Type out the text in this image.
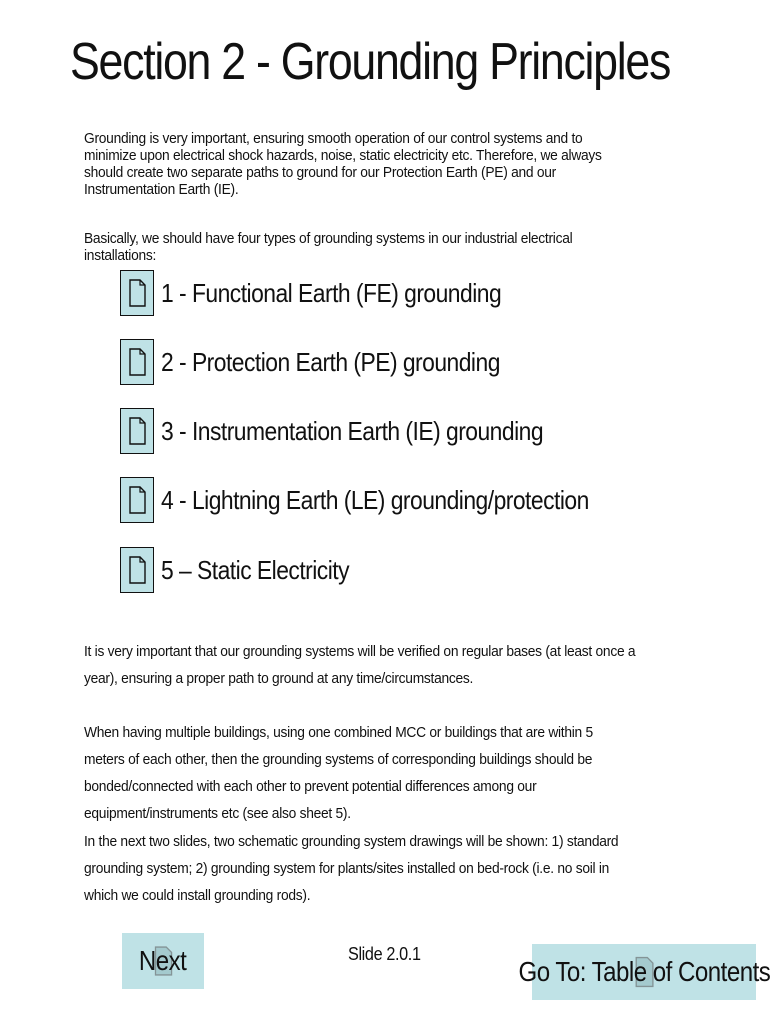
Section 2 - Grounding Principles
Grounding is very important, ensuring smooth operation of our control systems and to minimize upon electrical shock hazards, noise, static electricity etc. Therefore, we always should create two separate paths to ground for our Protection Earth (PE) and our Instrumentation Earth (IE).
Basically, we should have four types of grounding systems in our industrial electrical installations:
1 - Functional Earth (FE) grounding
2 - Protection Earth (PE) grounding
3 - Instrumentation Earth (IE) grounding
4 - Lightning Earth (LE) grounding/protection
5 – Static Electricity
It is very important that our grounding systems will be verified on regular bases (at least once a year), ensuring a proper path to ground at any time/circumstances.
When having multiple buildings, using one combined MCC or buildings that are within 5 meters of each other, then the grounding systems of corresponding buildings should be bonded/connected with each other to prevent potential differences among our equipment/instruments etc (see also sheet 5).
In the next two slides, two schematic grounding system drawings will be shown: 1) standard grounding system; 2) grounding system for plants/sites installed on bed-rock (i.e. no soil in which we could install grounding rods).
Next	Slide 2.0.1
Go To: Table of Contents
